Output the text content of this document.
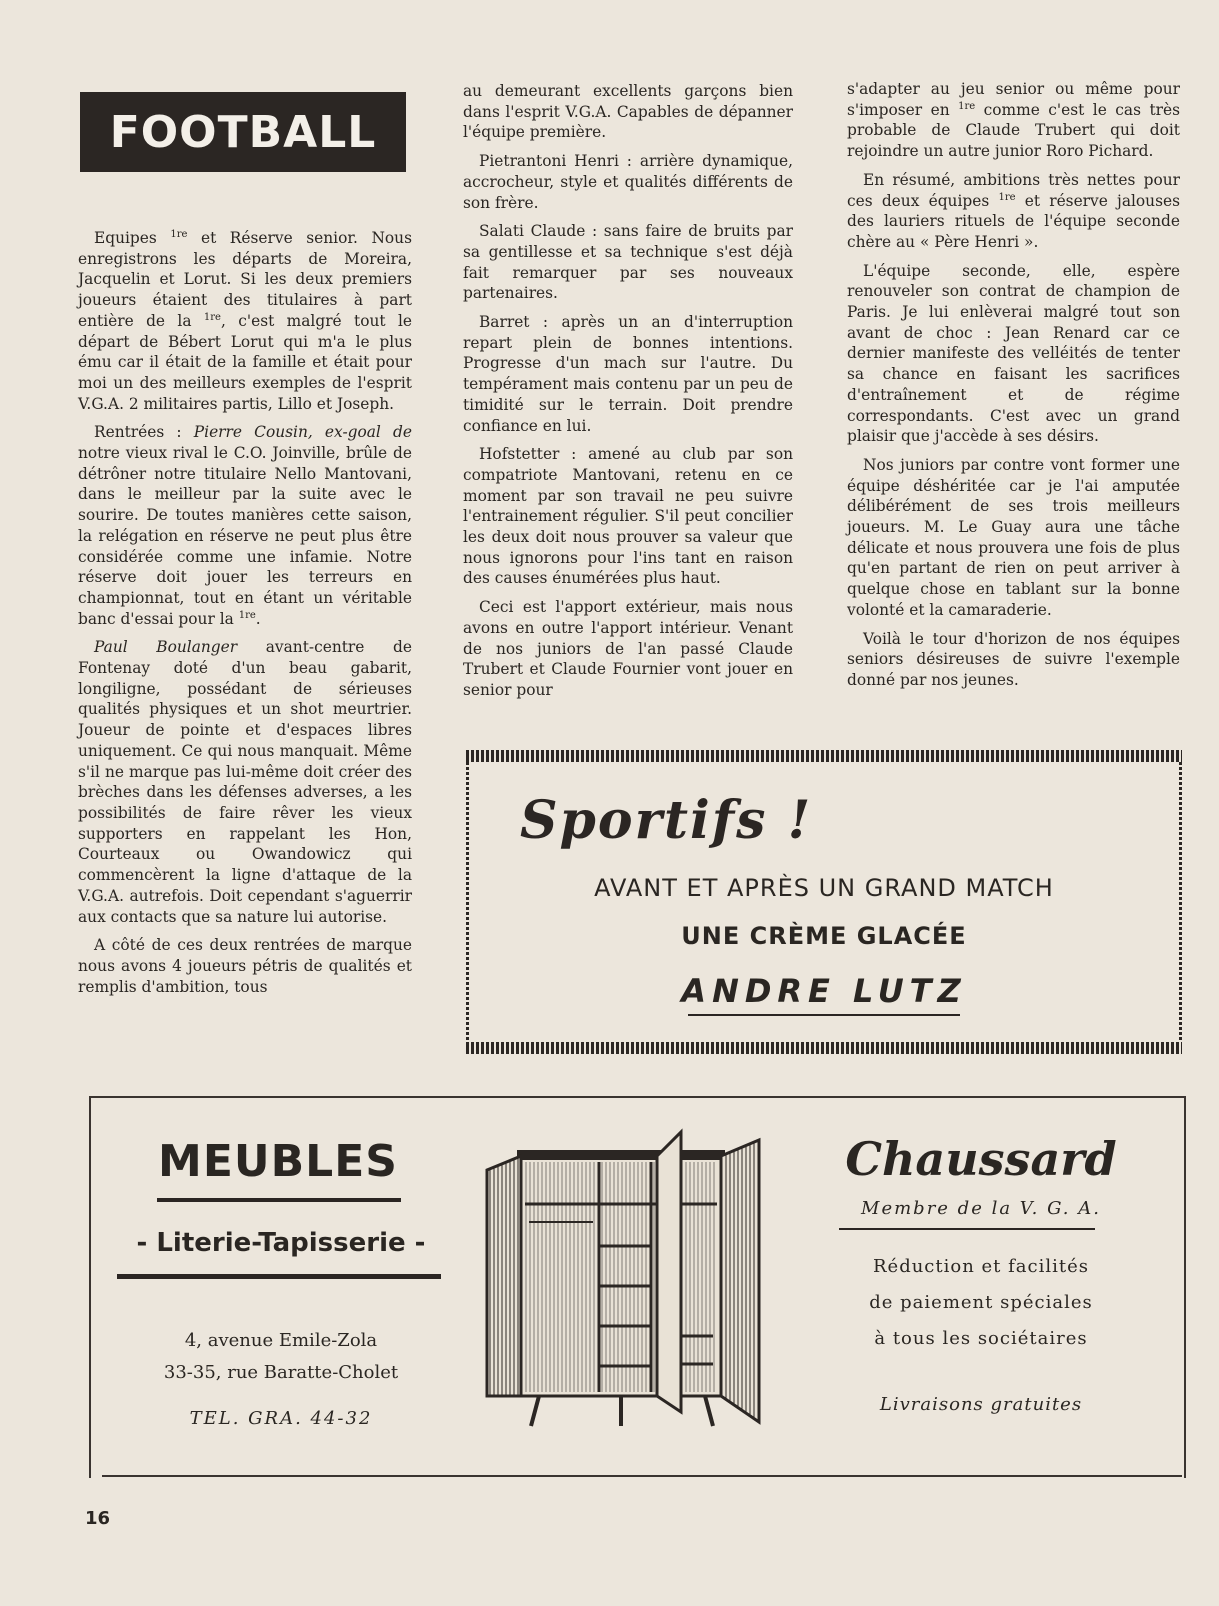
FOOTBALL

Equipes $^{1re}$ et Réserve senior. Nous enregistrons les départs de Moreira, Jacquelin et Lorut. Si les deux premiers joueurs étaient des titulaires à part entière de la $^{1re}$, c'est malgré tout le départ de Bébert Lorut qui m'a le plus ému car il était de la famille et était pour moi un des meilleurs exemples de l'esprit V.G.A. 2 militaires partis, Lillo et Joseph.

Rentrées : Pierre Cousin, ex-goal de notre vieux rival le C.O. Joinville, brûle de détrôner notre titulaire Nello Mantovani, dans le meilleur par la suite avec le sourire. De toutes manières cette saison, la relégation en réserve ne peut plus être considérée comme une infamie. Notre réserve doit jouer les terreurs en championnat, tout en étant un véritable banc d'essai pour la $^{1re}$.

Paul Boulanger avant-centre de Fontenay doté d'un beau gabarit, longiligne, possédant de sérieuses qualités physiques et un shot meurtrier. Joueur de pointe et d'espaces libres uniquement. Ce qui nous manquait. Même s'il ne marque pas lui-même doit créer des brèches dans les défenses adverses, a les possibilités de faire rêver les vieux supporters en rappelant les Hon, Courteaux ou Owandowicz qui commencèrent la ligne d'attaque de la V.G.A. autrefois. Doit cependant s'aguerrir aux contacts que sa nature lui autorise.

A côté de ces deux rentrées de marque nous avons 4 joueurs pétris de qualités et remplis d'ambition, tous

au demeurant excellents garçons bien dans l'esprit V.G.A. Capables de dépanner l'équipe première.

Pietrantoni Henri : arrière dynamique, accrocheur, style et qualités différents de son frère.

Salati Claude : sans faire de bruits par sa gentillesse et sa technique s'est déjà fait remarquer par ses nouveaux partenaires.

Barret : après un an d'interruption repart plein de bonnes intentions. Progresse d'un mach sur l'autre. Du tempérament mais contenu par un peu de timidité sur le terrain. Doit prendre confiance en lui.

Hofstetter : amené au club par son compatriote Mantovani, retenu en ce moment par son travail ne peu suivre l'entrainement régulier. S'il peut concilier les deux doit nous prouver sa valeur que nous ignorons pour l'ins tant en raison des causes énumérées plus haut.

Ceci est l'apport extérieur, mais nous avons en outre l'apport intérieur. Venant de nos juniors de l'an passé Claude Trubert et Claude Fournier vont jouer en senior pour

s'adapter au jeu senior ou même pour s'imposer en $^{1re}$ comme c'est le cas très probable de Claude Trubert qui doit rejoindre un autre junior Roro Pichard.

En résumé, ambitions très nettes pour ces deux équipes $^{1re}$ et réserve jalouses des lauriers rituels de l'équipe seconde chère au « Père Henri ».

L'équipe seconde, elle, espère renouveler son contrat de champion de Paris. Je lui enlèverai malgré tout son avant de choc : Jean Renard car ce dernier manifeste des velléités de tenter sa chance en faisant les sacrifices d'entraînement et de régime correspondants. C'est avec un grand plaisir que j'accède à ses désirs.

Nos juniors par contre vont former une équipe déshéritée car je l'ai amputée délibérément de ses trois meilleurs joueurs. M. Le Guay aura une tâche délicate et nous prouvera une fois de plus qu'en partant de rien on peut arriver à quelque chose en tablant sur la bonne volonté et la camaraderie.

Voilà le tour d'horizon de nos équipes seniors désireuses de suivre l'exemple donné par nos jeunes.

Sportifs !
AVANT ET APRÈS UN GRAND MATCH
UNE CRÈME GLACÉE
ANDRE LUTZ
MEUBLES
- Literie-Tapisserie -
4, avenue Emile-Zola
33-35, rue Baratte-Cholet
TEL. GRA. 44-32
Chaussard
Membre de la V. G. A.
Réduction et facilités
de paiement spéciales
à tous les sociétaires
Livraisons gratuites
16
